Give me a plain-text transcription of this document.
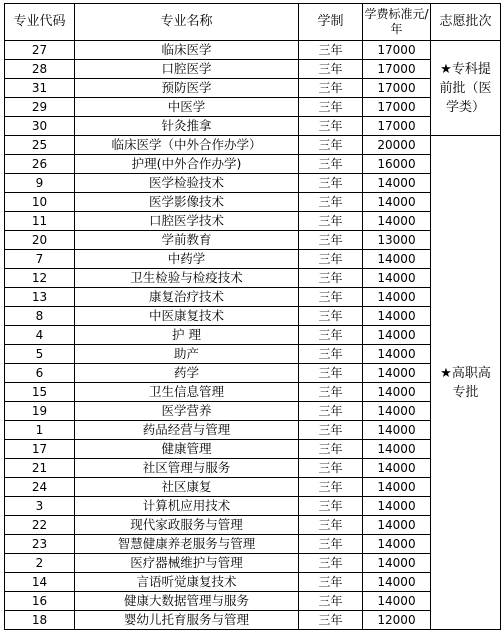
专业代码	专业名称	学制	学费标准元/年	志愿批次
27	临床医学	三年	17000	★专科提前批（医学类）
28	口腔医学	三年	17000	
31	预防医学	三年	17000	
29	中医学	三年	17000	
30	针灸推拿	三年	17000	
25	临床医学（中外合作办学）	三年	20000	★高职高专批
26	护理(中外合作办学)	三年	16000	
9	医学检验技术	三年	14000	
10	医学影像技术	三年	14000	
11	口腔医学技术	三年	14000	
20	学前教育	三年	13000	
7	中药学	三年	14000	
12	卫生检验与检疫技术	三年	14000	
13	康复治疗技术	三年	14000	
8	中医康复技术	三年	14000	
4	护 理	三年	14000	
5	助产	三年	14000	
6	药学	三年	14000	
15	卫生信息管理	三年	14000	
19	医学营养	三年	14000	
1	药品经营与管理	三年	14000	
17	健康管理	三年	14000	
21	社区管理与服务	三年	14000	
24	社区康复	三年	14000	
3	计算机应用技术	三年	14000	
22	现代家政服务与管理	三年	14000	
23	智慧健康养老服务与管理	三年	14000	
2	医疗器械维护与管理	三年	14000	
14	言语听觉康复技术	三年	14000	
16	健康大数据管理与服务	三年	14000	
18	婴幼儿托育服务与管理	三年	12000	
